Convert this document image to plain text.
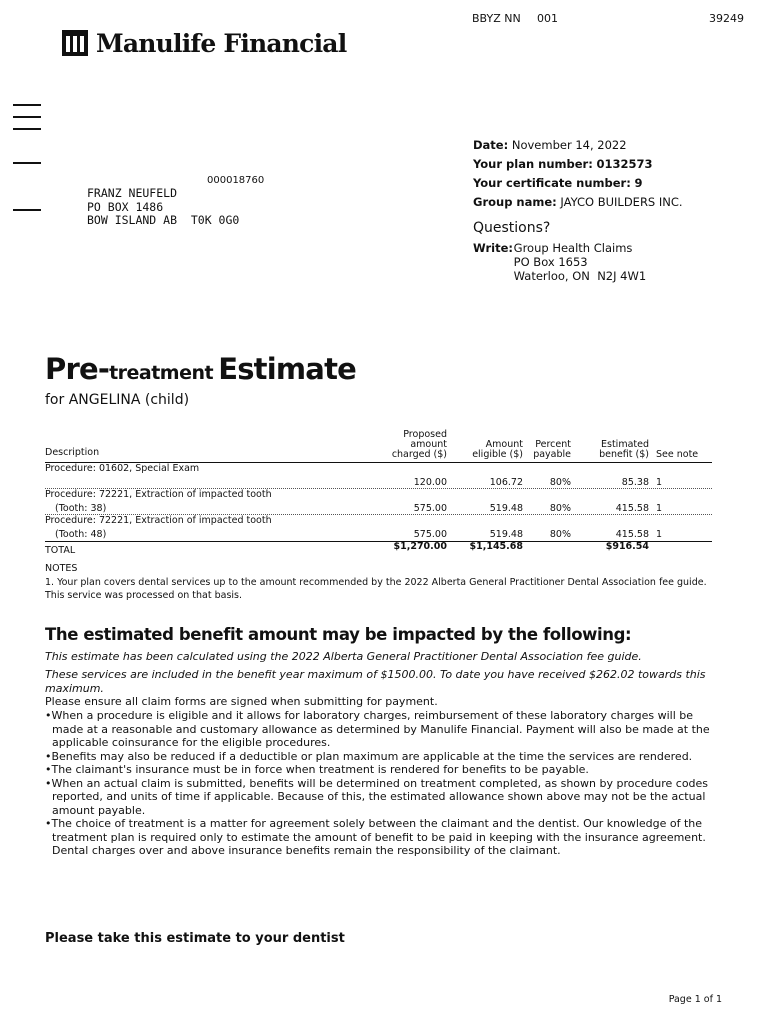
BBYZ NN 001	39249
Manulife Financial
000018760
FRANZ NEUFELD
PO BOX 1486
BOW ISLAND AB  T0K 0G0
Date: November 14, 2022
Your plan number: 0132573
Your certificate number: 9
Group name: JAYCO BUILDERS INC.
Questions?
Write: Group Health Claims
PO Box 1653
Waterloo, ON  N2J 4W1
Pre-treatment Estimate
for ANGELINA (child)
Description
Proposed
amount
charged ($)
Amount
eligible ($)
Percent
payable
Estimated
benefit ($) See note
Procedure: 01602, Special Exam
120.00	106.72	80%	85.38 1
Procedure: 72221, Extraction of impacted tooth
(Tooth: 38)	575.00	519.48	80%	415.58 1
Procedure: 72221, Extraction of impacted tooth
(Tooth: 48)	575.00	519.48	80%	415.58 1
TOTAL	$1,270.00 $1,145.68	$916.54
NOTES
1. Your plan covers dental services up to the amount recommended by the 2022 Alberta General Practitioner Dental Association fee guide.
This service was processed on that basis.
The estimated benefit amount may be impacted by the following:
This estimate has been calculated using the 2022 Alberta General Practitioner Dental Association fee guide.
These services are included in the benefit year maximum of $1500.00. To date you have received $262.02 towards this maximum.
Please ensure all claim forms are signed when submitting for payment.
•When a procedure is eligible and it allows for laboratory charges, reimbursement of these laboratory charges will be made at a reasonable and customary allowance as determined by Manulife Financial. Payment will also be made at the applicable coinsurance for the eligible procedures.
•Benefits may also be reduced if a deductible or plan maximum are applicable at the time the services are rendered.
•The claimant's insurance must be in force when treatment is rendered for benefits to be payable.
•When an actual claim is submitted, benefits will be determined on treatment completed, as shown by procedure codes reported, and units of time if applicable. Because of this, the estimated allowance shown above may not be the actual amount payable.
•The choice of treatment is a matter for agreement solely between the claimant and the dentist. Our knowledge of the treatment plan is required only to estimate the amount of benefit to be paid in keeping with the insurance agreement. Dental charges over and above insurance benefits remain the responsibility of the claimant.
Please take this estimate to your dentist
Page 1 of 1
